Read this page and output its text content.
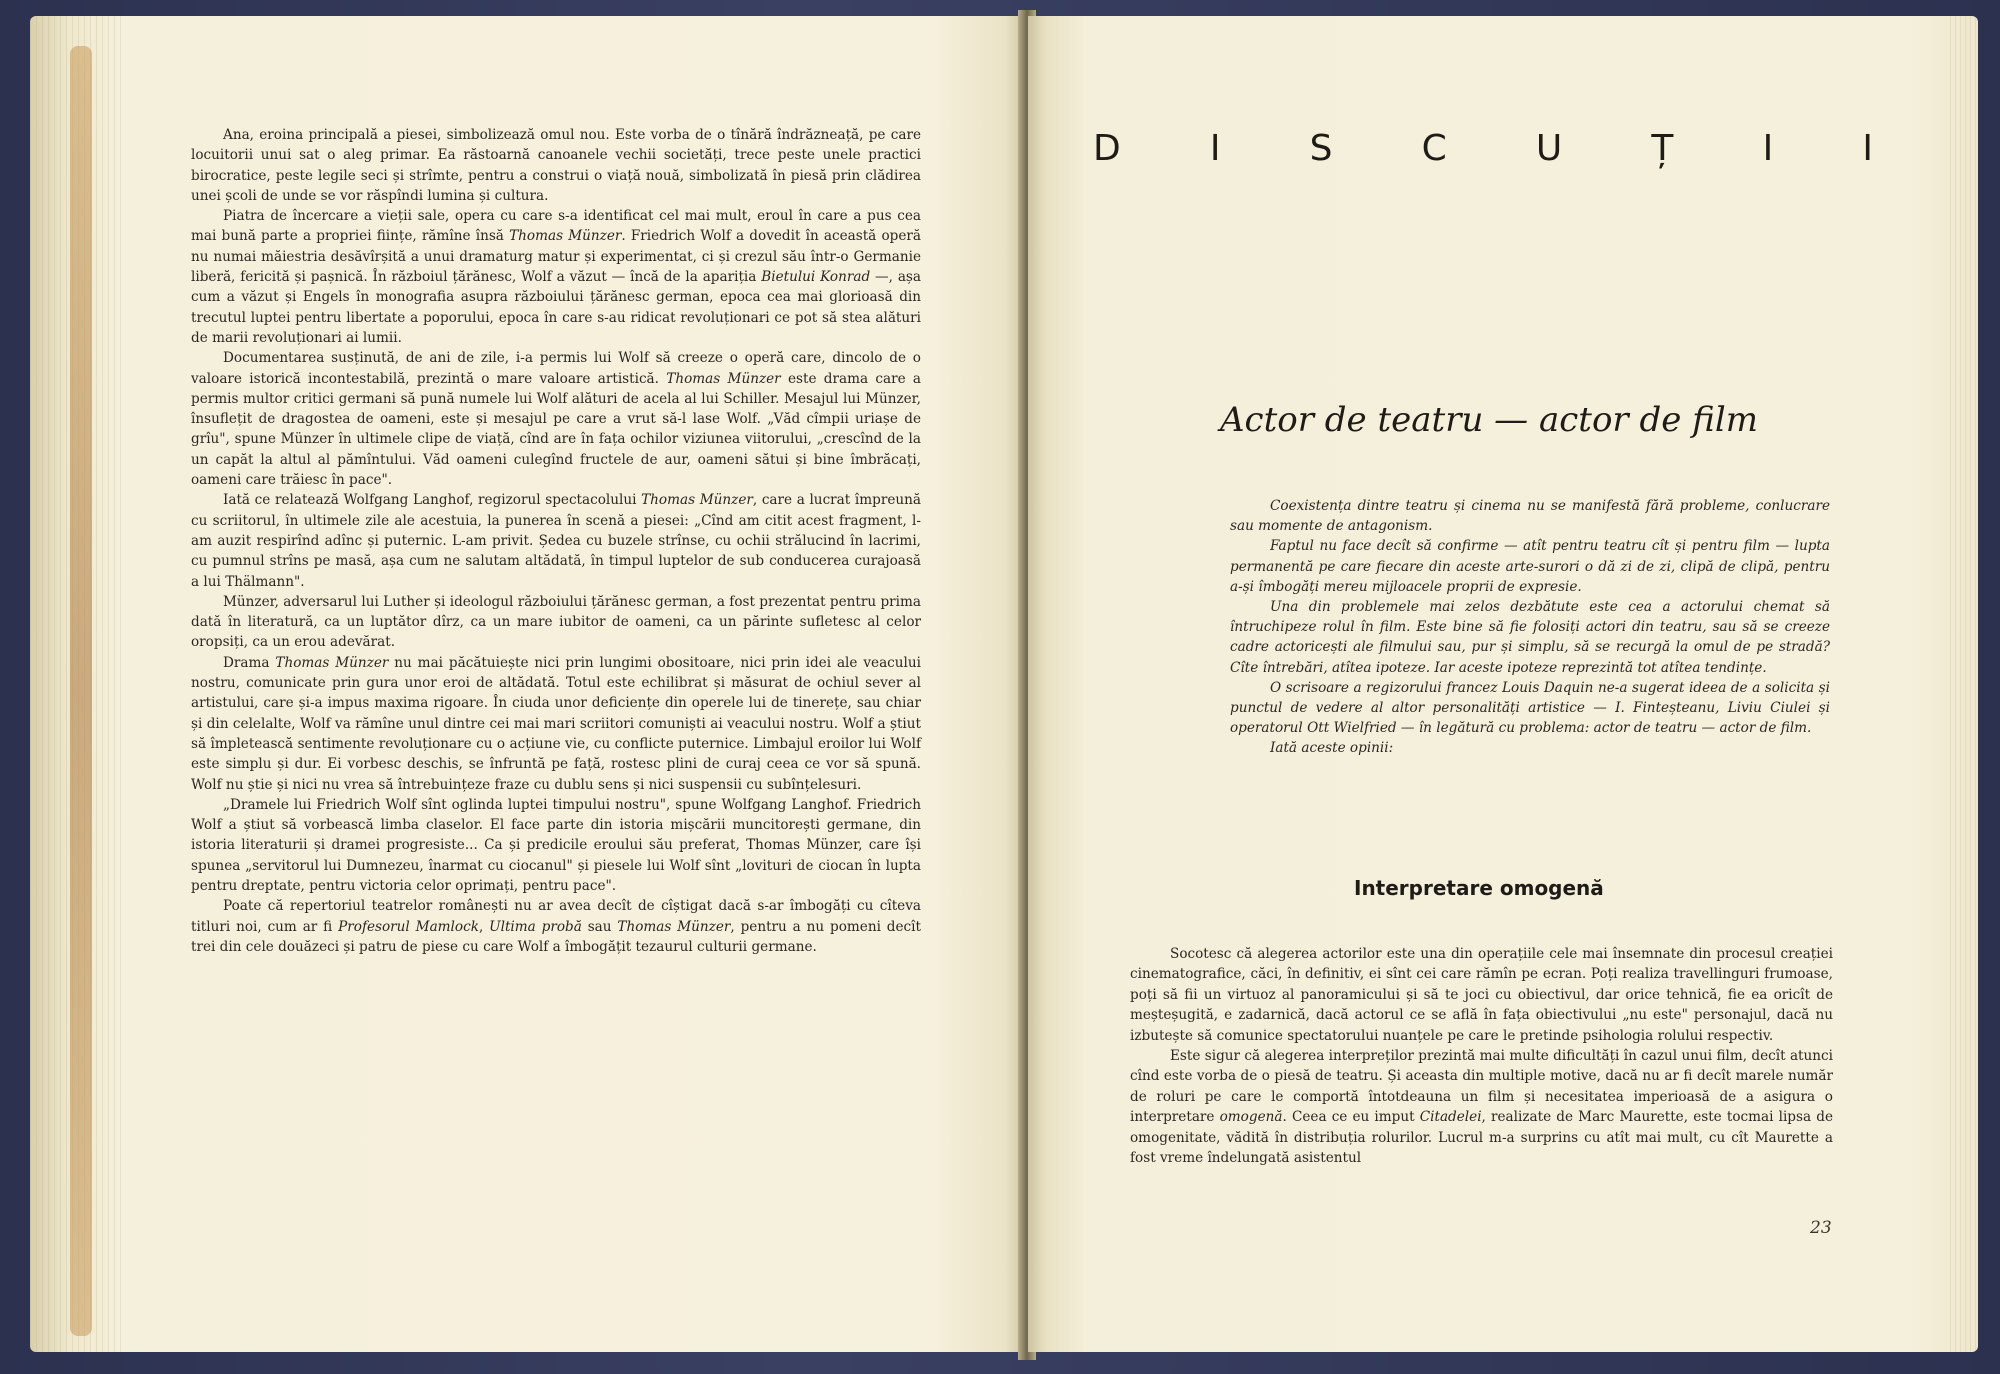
Ana, eroina principală a piesei, simbolizează omul nou. Este vorba de o tînără îndrăzneață, pe care locuitorii unui sat o aleg primar. Ea răstoarnă canoanele vechii societăți, trece peste unele practici birocratice, peste legile seci și strîmte, pentru a construi o viață nouă, simbolizată în piesă prin clădirea unei școli de unde se vor răspîndi lumina și cultura.

Piatra de încercare a vieții sale, opera cu care s-a identificat cel mai mult, eroul în care a pus cea mai bună parte a propriei ființe, rămîne însă Thomas Münzer. Friedrich Wolf a dovedit în această operă nu numai măiestria desăvîrșită a unui dramaturg matur și experimentat, ci și crezul său într-o Germanie liberă, fericită și pașnică. În războiul țărănesc, Wolf a văzut — încă de la apariția Bietului Konrad —, așa cum a văzut și Engels în monografia asupra războiului țărănesc german, epoca cea mai glorioasă din trecutul luptei pentru libertate a poporului, epoca în care s-au ridicat revoluționari ce pot să stea alături de marii revoluționari ai lumii.

Documentarea susținută, de ani de zile, i-a permis lui Wolf să creeze o operă care, dincolo de o valoare istorică incontestabilă, prezintă o mare valoare artistică. Thomas Münzer este drama care a permis multor critici germani să pună numele lui Wolf alături de acela al lui Schiller. Mesajul lui Münzer, însuflețit de dragostea de oameni, este și mesajul pe care a vrut să-l lase Wolf. „Văd cîmpii uriașe de grîu", spune Münzer în ultimele clipe de viață, cînd are în fața ochilor viziunea viitorului, „crescînd de la un capăt la altul al pămîntului. Văd oameni culegînd fructele de aur, oameni sătui și bine îmbrăcați, oameni care trăiesc în pace".

Iată ce relatează Wolfgang Langhof, regizorul spectacolului Thomas Münzer, care a lucrat împreună cu scriitorul, în ultimele zile ale acestuia, la punerea în scenă a piesei: „Cînd am citit acest fragment, l-am auzit respirînd adînc și puternic. L-am privit. Ședea cu buzele strînse, cu ochii strălucind în lacrimi, cu pumnul strîns pe masă, așa cum ne salutam altădată, în timpul luptelor de sub conducerea curajoasă a lui Thälmann".

Münzer, adversarul lui Luther și ideologul războiului țărănesc german, a fost prezentat pentru prima dată în literatură, ca un luptător dîrz, ca un mare iubitor de oameni, ca un părinte sufletesc al celor oropsiți, ca un erou adevărat.

Drama Thomas Münzer nu mai păcătuiește nici prin lungimi obositoare, nici prin idei ale veacului nostru, comunicate prin gura unor eroi de altădată. Totul este echilibrat și măsurat de ochiul sever al artistului, care și-a impus maxima rigoare. În ciuda unor deficiențe din operele lui de tinerețe, sau chiar și din celelalte, Wolf va rămîne unul dintre cei mai mari scriitori comuniști ai veacului nostru. Wolf a știut să împletească sentimente revoluționare cu o acțiune vie, cu conflicte puternice. Limbajul eroilor lui Wolf este simplu și dur. Ei vorbesc deschis, se înfruntă pe față, rostesc plini de curaj ceea ce vor să spună. Wolf nu știe și nici nu vrea să întrebuințeze fraze cu dublu sens și nici suspensii cu subînțelesuri.

„Dramele lui Friedrich Wolf sînt oglinda luptei timpului nostru", spune Wolfgang Langhof. Friedrich Wolf a știut să vorbească limba claselor. El face parte din istoria mișcării muncitorești germane, din istoria literaturii și dramei progresiste... Ca și predicile eroului său preferat, Thomas Münzer, care își spunea „servitorul lui Dumnezeu, înarmat cu ciocanul" și piesele lui Wolf sînt „lovituri de ciocan în lupta pentru dreptate, pentru victoria celor oprimați, pentru pace".

Poate că repertoriul teatrelor românești nu ar avea decît de cîștigat dacă s-ar îmbogăți cu cîteva titluri noi, cum ar fi Profesorul Mamlock, Ultima probă sau Thomas Münzer, pentru a nu pomeni decît trei din cele douăzeci și patru de piese cu care Wolf a îmbogățit tezaurul culturii germane.

D I S C U Ț I I
Actor de teatru — actor de film

Coexistența dintre teatru și cinema nu se manifestă fără probleme, conlucrare sau momente de antagonism.

Faptul nu face decît să confirme — atît pentru teatru cît și pentru film — lupta permanentă pe care fiecare din aceste arte-surori o dă zi de zi, clipă de clipă, pentru a-și îmbogăți mereu mijloacele proprii de expresie.

Una din problemele mai zelos dezbătute este cea a actorului chemat să întruchipeze rolul în film. Este bine să fie folosiți actori din teatru, sau să se creeze cadre actoricești ale filmului sau, pur și simplu, să se recurgă la omul de pe stradă? Cîte întrebări, atîtea ipoteze. Iar aceste ipoteze reprezintă tot atîtea tendințe.

O scrisoare a regizorului francez Louis Daquin ne-a sugerat ideea de a solicita și punctul de vedere al altor personalități artistice — I. Finteșteanu, Liviu Ciulei și operatorul Ott Wielfried — în legătură cu problema: actor de teatru — actor de film.

Iată aceste opinii:

Interpretare omogenă

Socotesc că alegerea actorilor este una din operațiile cele mai însemnate din procesul creației cinematografice, căci, în definitiv, ei sînt cei care rămîn pe ecran. Poți realiza travellinguri frumoase, poți să fii un virtuoz al panoramicului și să te joci cu obiectivul, dar orice tehnică, fie ea oricît de meșteșugită, e zadarnică, dacă actorul ce se află în fața obiectivului „nu este" personajul, dacă nu izbutește să comunice spectatorului nuanțele pe care le pretinde psihologia rolului respectiv.

Este sigur că alegerea interpreților prezintă mai multe dificultăți în cazul unui film, decît atunci cînd este vorba de o piesă de teatru. Și aceasta din multiple motive, dacă nu ar fi decît marele număr de roluri pe care le comportă întotdeauna un film și necesitatea imperioasă de a asigura o interpretare omogenă. Ceea ce eu imput Citadelei, realizate de Marc Maurette, este tocmai lipsa de omogenitate, vădită în distribuția rolurilor. Lucrul m-a surprins cu atît mai mult, cu cît Maurette a fost vreme îndelungată asistentul

23
